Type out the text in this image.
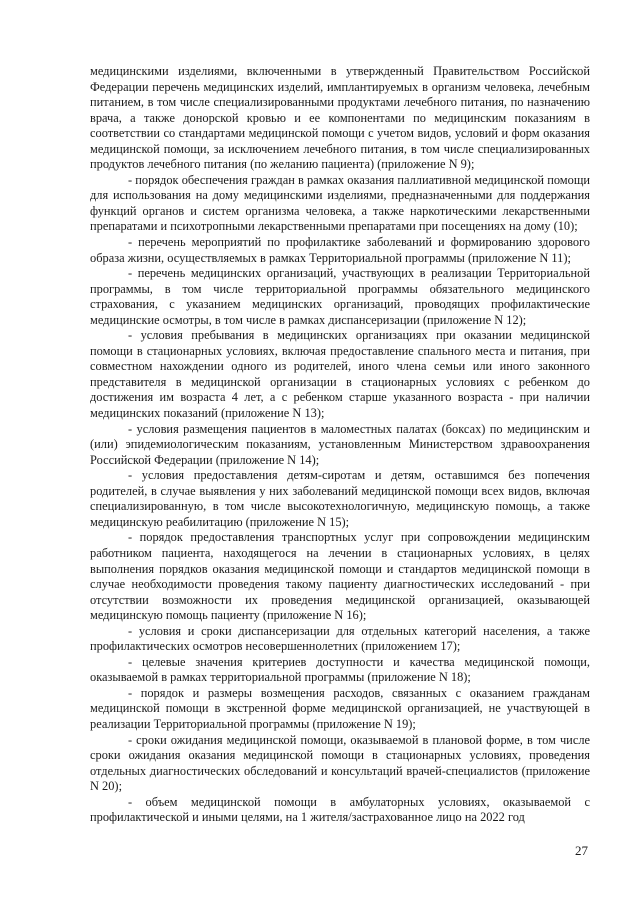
медицинскими изделиями, включенными в утвержденный Правительством Российской Федерации перечень медицинских изделий, имплантируемых в организм человека, лечебным питанием, в том числе специализированными продуктами лечебного питания, по назначению врача, а также донорской кровью и ее компонентами по медицинским показаниям в соответствии со стандартами медицинской помощи с учетом видов, условий и форм оказания медицинской помощи, за исключением лечебного питания, в том числе специализированных продуктов лечебного питания (по желанию пациента) (приложение N 9);

- порядок обеспечения граждан в рамках оказания паллиативной медицинской помощи для использования на дому медицинскими изделиями, предназначенными для поддержания функций органов и систем организма человека, а также наркотическими лекарственными препаратами и психотропными лекарственными препаратами при посещениях на дому (10);

- перечень мероприятий по профилактике заболеваний и формированию здорового образа жизни, осуществляемых в рамках Территориальной программы (приложение N 11);

- перечень медицинских организаций, участвующих в реализации Территориальной программы, в том числе территориальной программы обязательного медицинского страхования, с указанием медицинских организаций, проводящих профилактические медицинские осмотры, в том числе в рамках диспансеризации (приложение N 12);

- условия пребывания в медицинских организациях при оказании медицинской помощи в стационарных условиях, включая предоставление спального места и питания, при совместном нахождении одного из родителей, иного члена семьи или иного законного представителя в медицинской организации в стационарных условиях с ребенком до достижения им возраста 4 лет, а с ребенком старше указанного возраста - при наличии медицинских показаний (приложение N 13);

- условия размещения пациентов в маломестных палатах (боксах) по медицинским и (или) эпидемиологическим показаниям, установленным Министерством здравоохранения Российской Федерации (приложение N 14);

- условия предоставления детям-сиротам и детям, оставшимся без попечения родителей, в случае выявления у них заболеваний медицинской помощи всех видов, включая специализированную, в том числе высокотехнологичную, медицинскую помощь, а также медицинскую реабилитацию (приложение N 15);

- порядок предоставления транспортных услуг при сопровождении медицинским работником пациента, находящегося на лечении в стационарных условиях, в целях выполнения порядков оказания медицинской помощи и стандартов медицинской помощи в случае необходимости проведения такому пациенту диагностических исследований - при отсутствии возможности их проведения медицинской организацией, оказывающей медицинскую помощь пациенту (приложение N 16);

- условия и сроки диспансеризации для отдельных категорий населения, а также профилактических осмотров несовершеннолетних (приложением 17);

- целевые значения критериев доступности и качества медицинской помощи, оказываемой в рамках территориальной программы (приложение N 18);

- порядок и размеры возмещения расходов, связанных с оказанием гражданам медицинской помощи в экстренной форме медицинской организацией, не участвующей в реализации Территориальной программы (приложение N 19);

- сроки ожидания медицинской помощи, оказываемой в плановой форме, в том числе сроки ожидания оказания медицинской помощи в стационарных условиях, проведения отдельных диагностических обследований и консультаций врачей-специалистов (приложение N 20);

- объем медицинской помощи в амбулаторных условиях, оказываемой с профилактической и иными целями, на 1 жителя/застрахованное лицо на 2022 год

27
